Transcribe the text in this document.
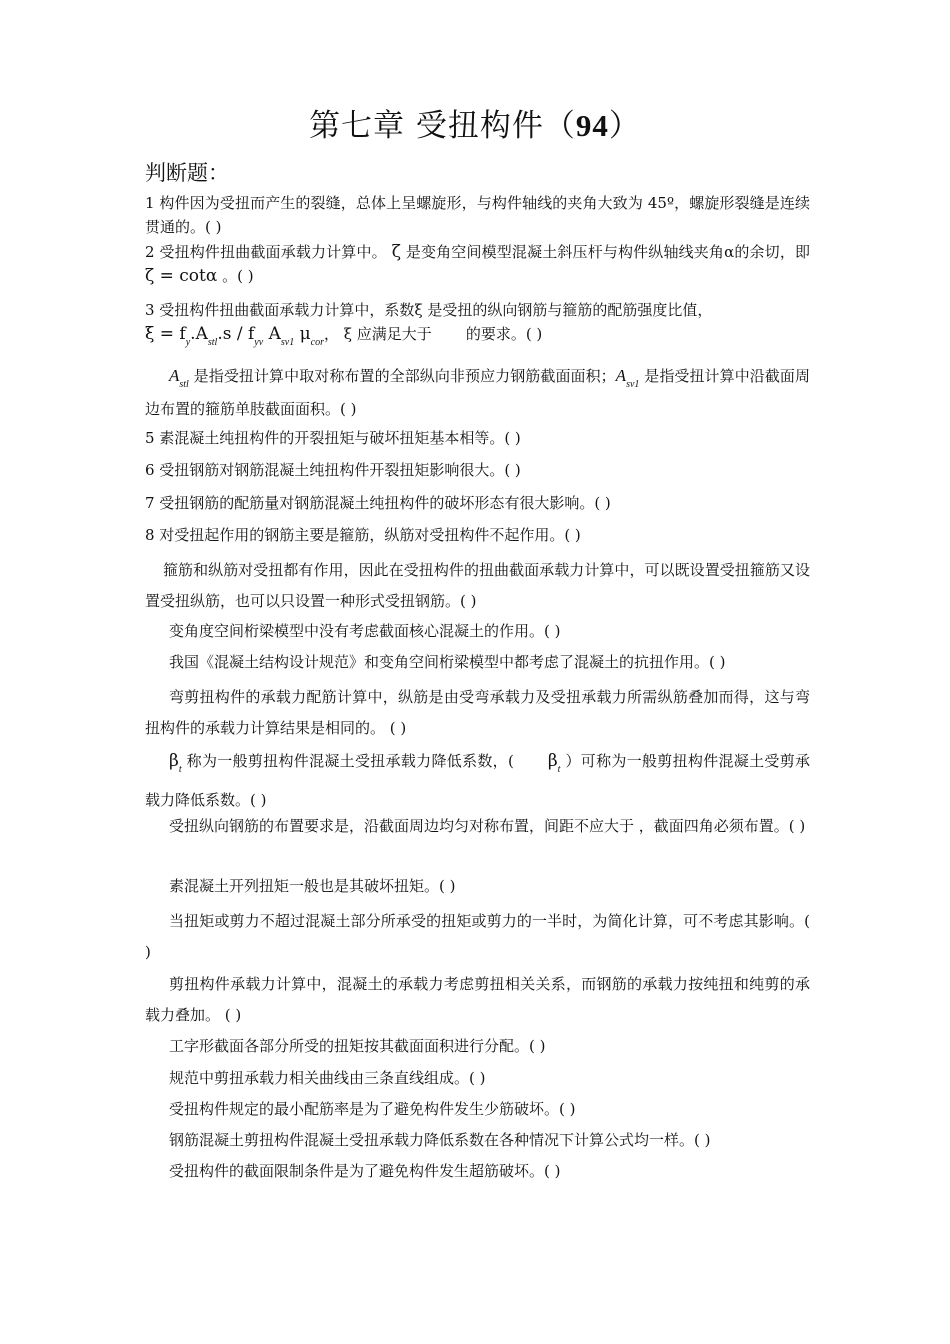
第七章 受扭构件（94）
判断题：
1 构件因为受扭而产生的裂缝，总体上呈螺旋形，与构件轴线的夹角大致为 45º，螺旋形裂缝是连续贯通的。( )
2 受扭构件扭曲截面承载力计算中。 ζ 是变角空间模型混凝土斜压杆与构件纵轴线夹角α的余切，即 ζ = cotα 。( )
3 受扭构件扭曲截面承载力计算中，系数ξ 是受扭的纵向钢筋与箍筋的配筋强度比值，
$\xi = f_y.A_{stl}.s / f_{yv}$ $A_{sv1}$ $\mu_{cor}$， ξ 应满足大于 的要求。( )
$A_{stl}$ 是指受扭计算中取对称布置的全部纵向非预应力钢筋截面面积；$A_{sv1}$ 是指受扭计算中沿截面周边布置的箍筋单肢截面面积。( )
5 素混凝土纯扭构件的开裂扭矩与破坏扭矩基本相等。( )
6 受扭钢筋对钢筋混凝土纯扭构件开裂扭矩影响很大。( )
7 受扭钢筋的配筋量对钢筋混凝土纯扭构件的破坏形态有很大影响。( )
8 对受扭起作用的钢筋主要是箍筋，纵筋对受扭构件不起作用。( )
箍筋和纵筋对受扭都有作用，因此在受扭构件的扭曲截面承载力计算中，可以既设置受扭箍筋又设置受扭纵筋，也可以只设置一种形式受扭钢筋。( )
变角度空间桁梁模型中没有考虑截面核心混凝土的作用。( )
我国《混凝土结构设计规范》和变角空间桁梁模型中都考虑了混凝土的抗扭作用。( )
弯剪扭构件的承载力配筋计算中，纵筋是由受弯承载力及受扭承载力所需纵筋叠加而得，这与弯扭构件的承载力计算结果是相同的。 ( )
$\beta_t$ 称为一般剪扭构件混凝土受扭承载力降低系数，( $\beta_t$ ）可称为一般剪扭构件混凝土受剪承载力降低系数。( )
受扭纵向钢筋的布置要求是，沿截面周边均匀对称布置，间距不应大于 ，截面四角必须布置。( )
素混凝土开列扭矩一般也是其破坏扭矩。( )
当扭矩或剪力不超过混凝土部分所承受的扭矩或剪力的一半时，为简化计算，可不考虑其影响。( )
剪扭构件承载力计算中，混凝土的承载力考虑剪扭相关关系，而钢筋的承载力按纯扭和纯剪的承载力叠加。 ( )
工字形截面各部分所受的扭矩按其截面面积进行分配。( )
规范中剪扭承载力相关曲线由三条直线组成。( )
受扭构件规定的最小配筋率是为了避免构件发生少筋破坏。( )
钢筋混凝土剪扭构件混凝土受扭承载力降低系数在各种情况下计算公式均一样。( )
受扭构件的截面限制条件是为了避免构件发生超筋破坏。( )
